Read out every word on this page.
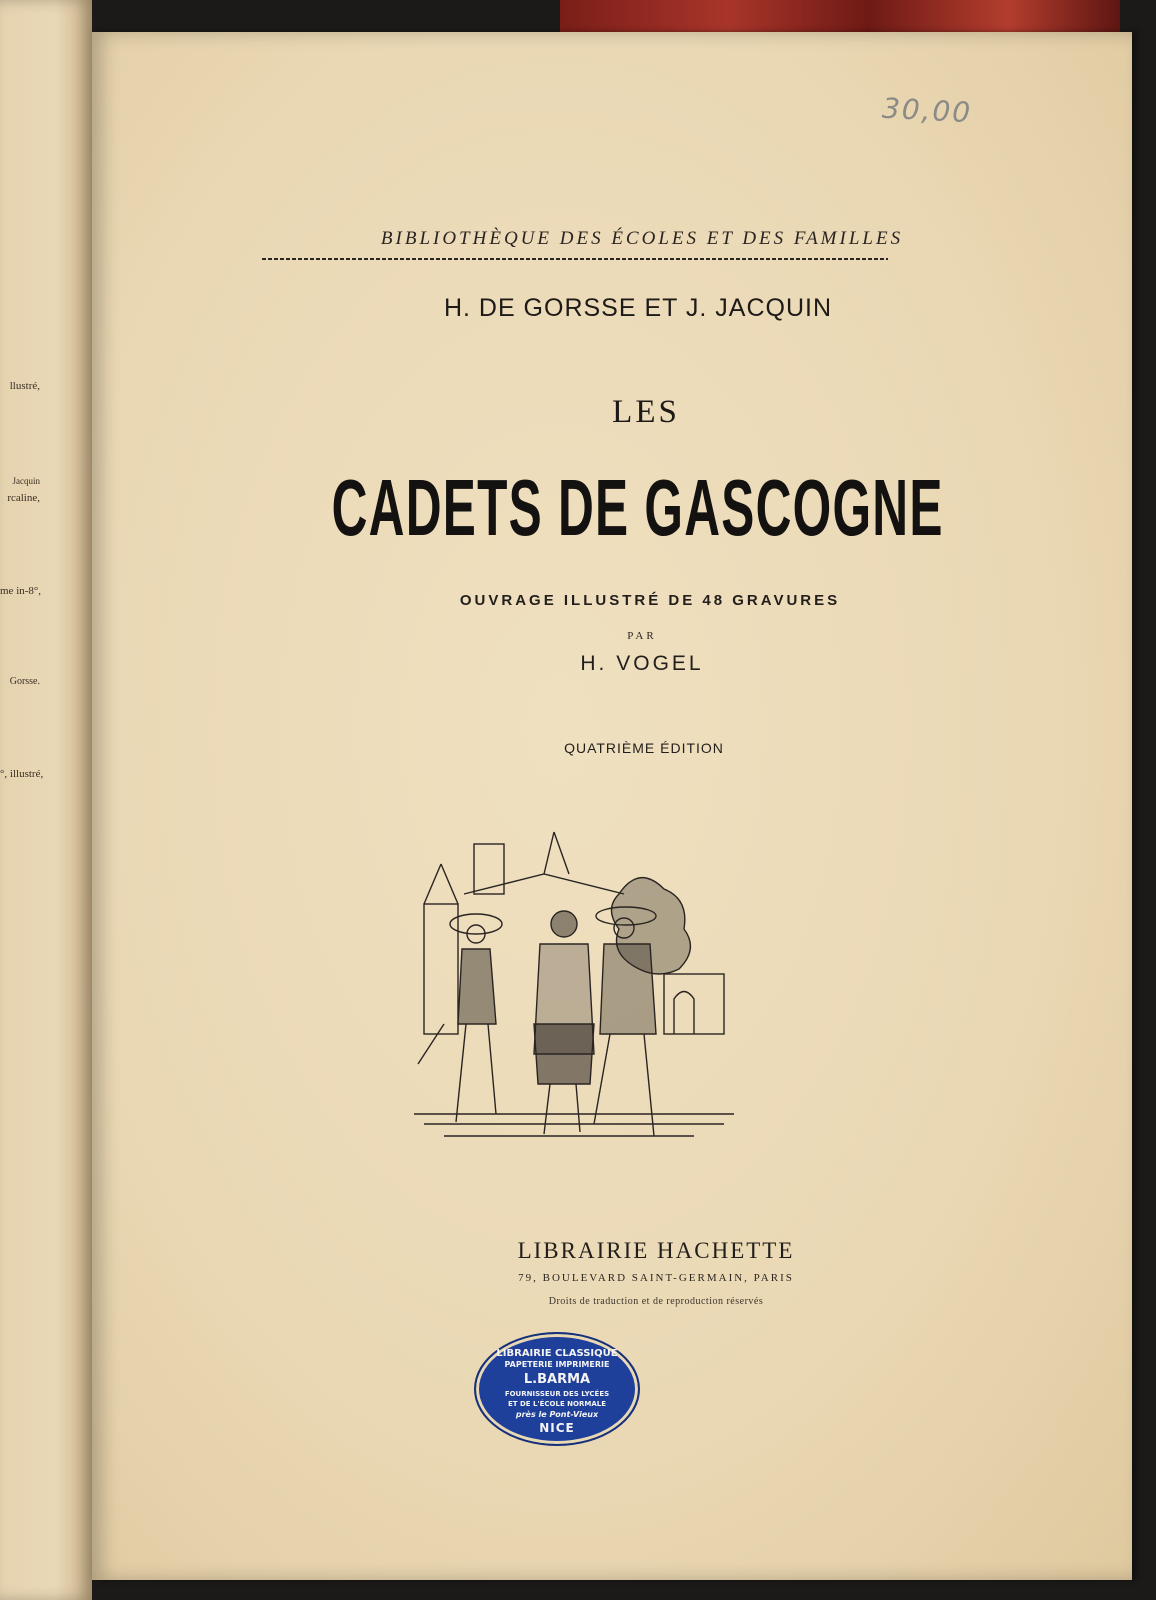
llustré,
Jacquin
rcaline,
me in-8°,
Gorsse.
°, illustré,
30,00
BIBLIOTHÈQUE DES ÉCOLES ET DES FAMILLES
H. DE GORSSE ET J. JACQUIN
LES
CADETS DE GASCOGNE
OUVRAGE ILLUSTRÉ DE 48 GRAVURES
PAR
H. VOGEL
QUATRIÈME ÉDITION
LIBRAIRIE HACHETTE
79, BOULEVARD SAINT-GERMAIN, PARIS
Droits de traduction et de reproduction réservés
LIBRAIRIE CLASSIQUE
PAPETERIE IMPRIMERIE
L.BARMA
FOURNISSEUR DES LYCÉES
ET DE L'ÉCOLE NORMALE
près le Pont-Vieux
NICE
